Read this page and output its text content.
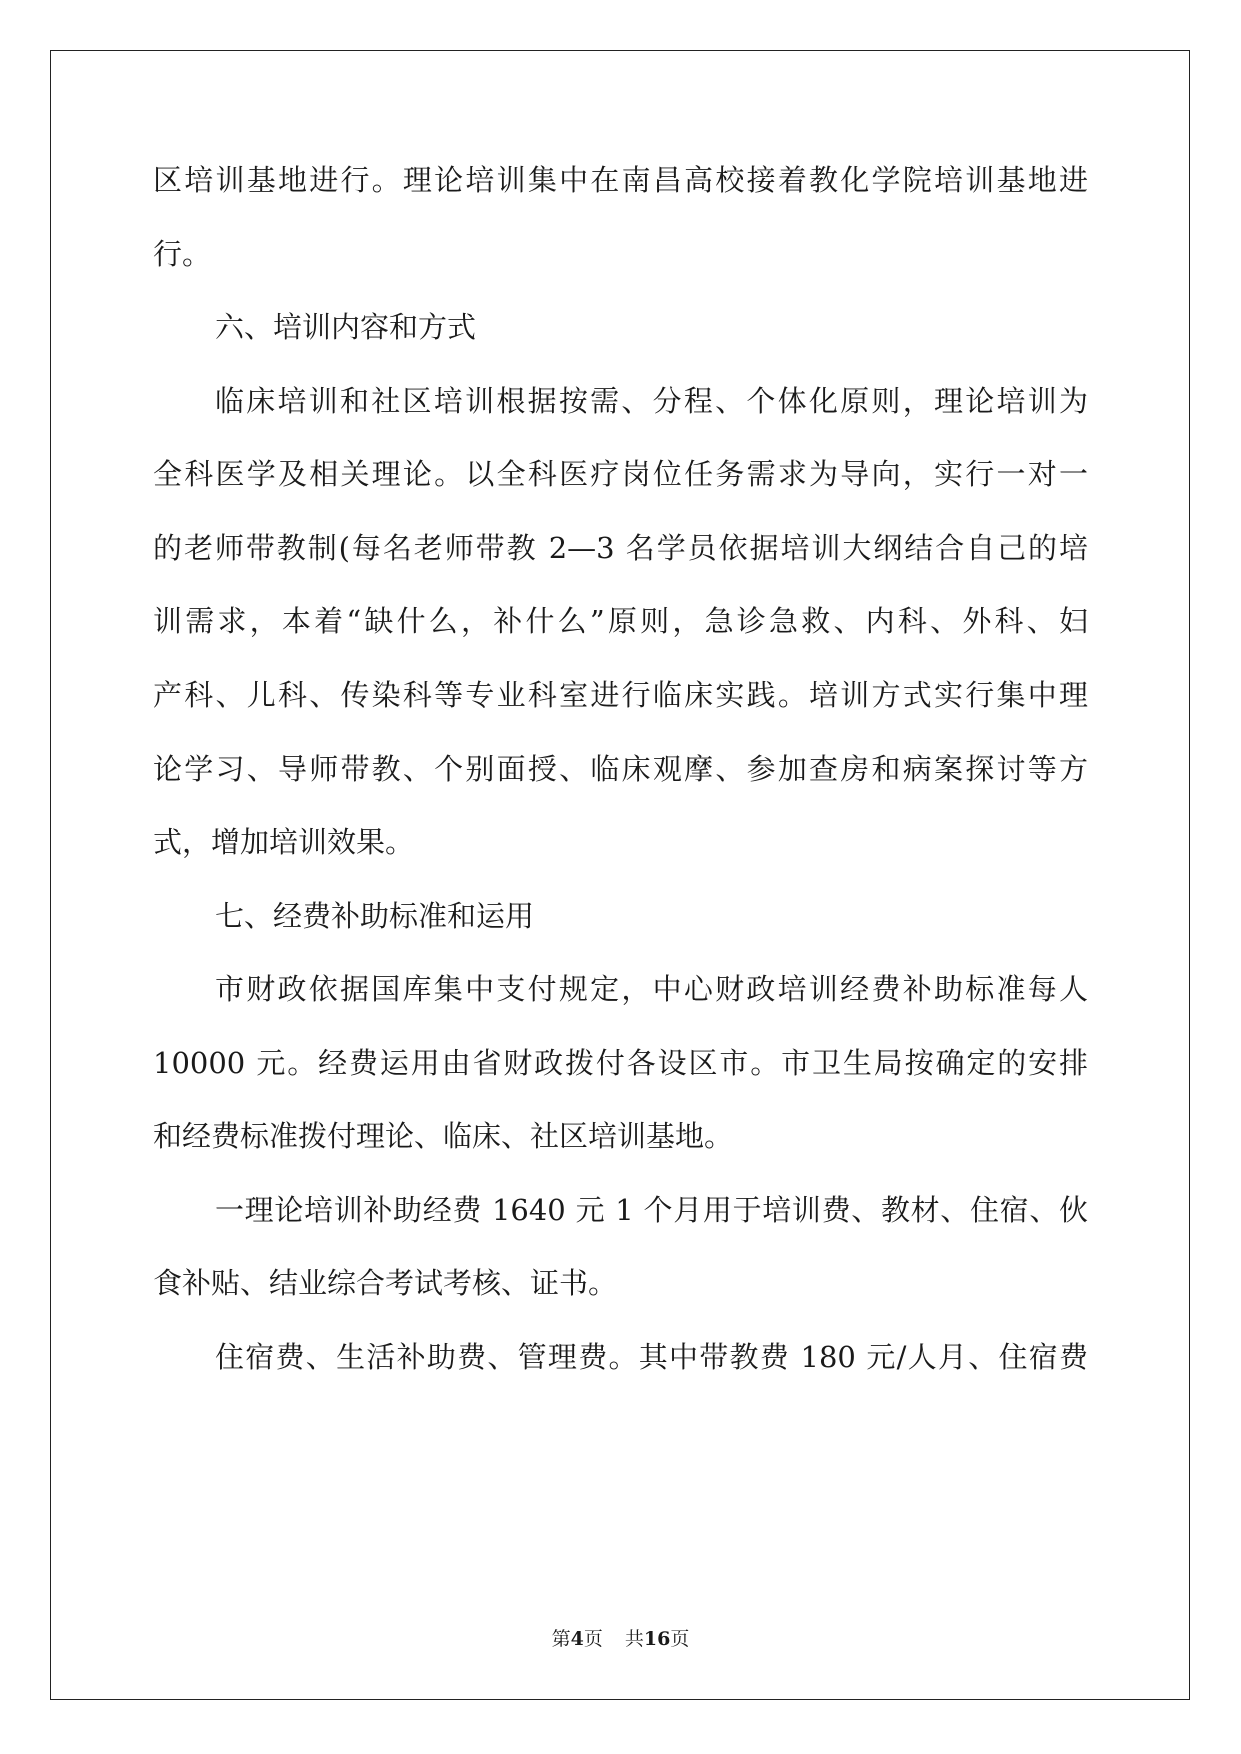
区培训基地进行。理论培训集中在南昌高校接着教化学院培训基地进
行。
六、培训内容和方式
临床培训和社区培训根据按需、分程、个体化原则，理论培训为
全科医学及相关理论。以全科医疗岗位任务需求为导向，实行一对一
的老师带教制(每名老师带教 2—3 名学员依据培训大纲结合自己的培
训需求，本着“缺什么，补什么”原则，急诊急救、内科、外科、妇
产科、儿科、传染科等专业科室进行临床实践。培训方式实行集中理
论学习、导师带教、个别面授、临床观摩、参加查房和病案探讨等方
式，增加培训效果。
七、经费补助标准和运用
市财政依据国库集中支付规定，中心财政培训经费补助标准每人
10000 元。经费运用由省财政拨付各设区市。市卫生局按确定的安排
和经费标准拨付理论、临床、社区培训基地。
一理论培训补助经费 1640 元 1 个月用于培训费、教材、住宿、伙
食补贴、结业综合考试考核、证书。
住宿费、生活补助费、管理费。其中带教费 180 元/人月、住宿费
第4页 共16页
